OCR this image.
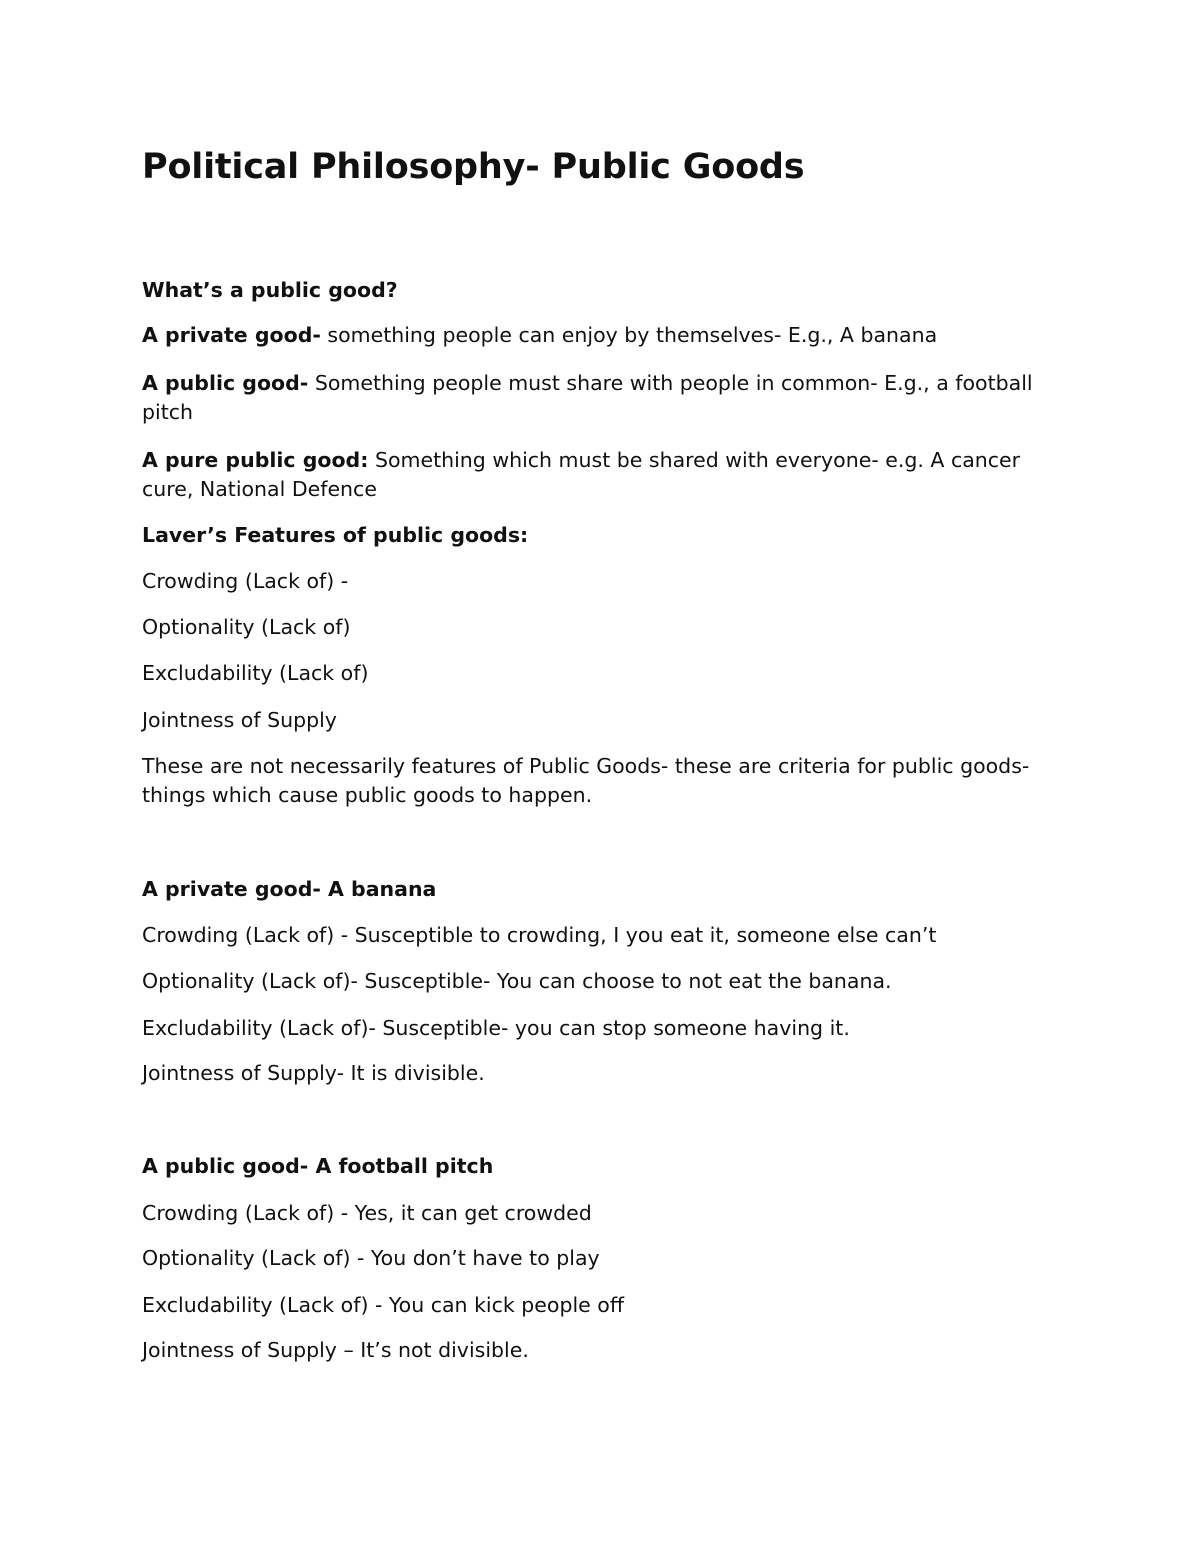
Political Philosophy- Public Goods

What’s a public good?

A private good- something people can enjoy by themselves- E.g., A banana

A public good- Something people must share with people in common- E.g., a football pitch

A pure public good: Something which must be shared with everyone- e.g. A cancer cure, National Defence

Laver’s Features of public goods:

Crowding (Lack of) -

Optionality (Lack of)

Excludability (Lack of)

Jointness of Supply

These are not necessarily features of Public Goods- these are criteria for public goods- things which cause public goods to happen.

A private good- A banana

Crowding (Lack of) - Susceptible to crowding, I you eat it, someone else can’t

Optionality (Lack of)- Susceptible- You can choose to not eat the banana.

Excludability (Lack of)- Susceptible- you can stop someone having it.

Jointness of Supply- It is divisible.

A public good- A football pitch

Crowding (Lack of) - Yes, it can get crowded

Optionality (Lack of) - You don’t have to play

Excludability (Lack of) - You can kick people off

Jointness of Supply – It’s not divisible.
